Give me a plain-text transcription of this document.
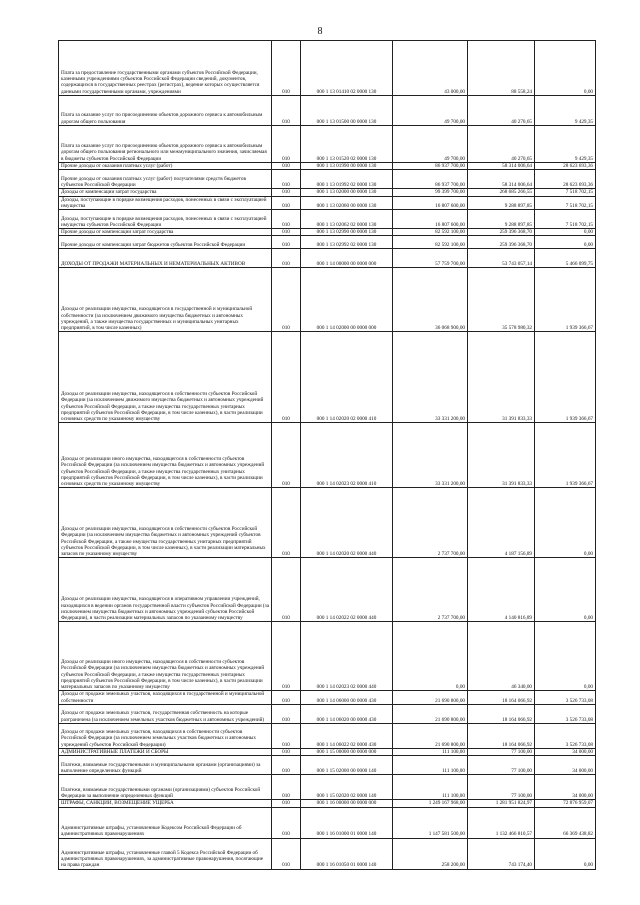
8
Плата за предоставление государственными органами субъектов Российской Федерации, казенными учреждениями субъектов Российской Федерации сведений, документов, содержащихся в государственных реестрах (регистрах), ведение которых осуществляется данными государственными органами, учреждениями	010	000 1 13 01410 02 0000 130	43 000,00	88 558,24	0,00
Плата за оказание услуг по присоединению объектов дорожного сервиса к автомобильным дорогам общего пользования	010	000 1 13 01500 00 0000 130	49 700,00	40 270,65	9 429,35
Плата за оказание услуг по присоединению объектов дорожного сервиса к автомобильным дорогам общего пользования регионального или межмуниципального значения, зачисляемая в бюджеты субъектов Российской Федерации	010	000 1 13 01520 02 0000 130	49 700,00	40 270,65	9 429,35
Прочие доходы от оказания платных услуг (работ)	010	000 1 13 01990 00 0000 130	86 937 700,00	58 314 006,64	28 623 693,36
Прочие доходы от оказания платных услуг (работ) получателями средств бюджетов субъектов Российской Федерации	010	000 1 13 01992 02 0000 130	86 937 700,00	58 314 006,64	28 623 693,36
Доходы от компенсации затрат государства	010	000 1 13 02000 00 0000 130	99 399 700,00	268 685 266,55	7 518 702,15
Доходы, поступающие в порядке возмещения расходов, понесенных в связи с эксплуатацией имущества	010	000 1 13 02060 00 0000 130	16 807 600,00	9 288 897,85	7 518 702,15
Доходы, поступающие в порядке возмещения расходов, понесенных в связи с эксплуатацией имущества субъектов Российской Федерации	010	000 1 13 02062 02 0000 130	16 807 600,00	9 288 897,85	7 518 702,15
Прочие доходы от компенсации затрат государства	010	000 1 13 02990 00 0000 130	82 592 100,00	259 396 368,70	0,00
Прочие доходы от компенсации затрат бюджетов субъектов Российской Федерации	010	000 1 13 02992 02 0000 130	82 592 100,00	259 396 368,70	0,00
ДОХОДЫ ОТ ПРОДАЖИ МАТЕРИАЛЬНЫХ И НЕМАТЕРИАЛЬНЫХ АКТИВОВ	010	000 1 14 00000 00 0000 000	57 759 700,00	53 743 057,14	5 466 099,75
Доходы от реализации имущества, находящегося в государственной и муниципальной собственности (за исключением движимого имущества бюджетных и автономных учреждений, а также имущества государственных и муниципальных унитарных предприятий, в том числе казенных)	010	000 1 14 02000 00 0000 000	36 068 900,00	35 578 980,32	1 939 366,67
Доходы от реализации имущества, находящегося в собственности субъектов Российской Федерации (за исключением движимого имущества бюджетных и автономных учреждений субъектов Российской Федерации, а также имущества государственных унитарных предприятий субъектов Российской Федерации, в том числе казенных), в части реализации основных средств по указанному имуществу	010	000 1 14 02020 02 0000 410	33 331 200,00	31 391 833,33	1 939 366,67
Доходы от реализации иного имущества, находящегося в собственности субъектов Российской Федерации (за исключением имущества бюджетных и автономных учреждений субъектов Российской Федерации, а также имущества государственных унитарных предприятий субъектов Российской Федерации, в том числе казенных), в части реализации основных средств по указанному имуществу	010	000 1 14 02023 02 0000 410	33 331 200,00	31 391 833,33	1 939 366,67
Доходы от реализации имущества, находящегося в собственности субъектов Российской Федерации (за исключением имущества бюджетных и автономных учреждений субъектов Российской Федерации, а также имущества государственных унитарных предприятий субъектов Российской Федерации, в том числе казенных), в части реализации материальных запасов по указанному имуществу	010	000 1 14 02020 02 0000 440	2 737 700,00	4 187 156,89	0,00
Доходы от реализации имущества, находящегося в оперативном управлении учреждений, находящихся в ведении органов государственной власти субъектов Российской Федерации (за исключением имущества бюджетных и автономных учреждений субъектов Российской Федерации), в части реализации материальных запасов по указанному имуществу	010	000 1 14 02022 02 0000 440	2 737 700,00	4 140 816,89	0,00
Доходы от реализации иного имущества, находящегося в собственности субъектов Российской Федерации (за исключением имущества бюджетных и автономных учреждений субъектов Российской Федерации, а также имущества государственных унитарных предприятий субъектов Российской Федерации, в том числе казенных), в части реализации материальных запасов по указанному имуществу	010	000 1 14 02023 02 0000 440	0,00	46 340,00	0,00
Доходы от продажи земельных участков, находящихся в государственной и муниципальной собственности	010	000 1 14 06000 00 0000 430	21 690 800,00	18 164 066,92	3 526 733,08
Доходы от продажи земельных участков, государственная собственность на которые разграничена (за исключением земельных участков бюджетных и автономных учреждений)	010	000 1 14 06020 00 0000 430	21 690 800,00	18 164 066,92	3 526 733,08
Доходы от продажи земельных участков, находящихся в собственности субъектов Российской Федерации (за исключением земельных участков бюджетных и автономных учреждений субъектов Российской Федерации)	010	000 1 14 06022 02 0000 430	21 690 800,00	18 164 066,92	3 526 733,08
АДМИНИСТРАТИВНЫЕ ПЛАТЕЖИ И СБОРЫ	010	000 1 15 00000 00 0000 000	111 100,00	77 100,00	34 000,00
Платежи, взимаемые государственными и муниципальными органами (организациями) за выполнение определенных функций	010	000 1 15 02000 00 0000 140	111 100,00	77 100,00	34 000,00
Платежи, взимаемые государственными органами (организациями) субъектов Российской Федерации за выполнение определенных функций	010	000 1 15 02020 02 0000 140	111 100,00	77 100,00	34 000,00
ШТРАФЫ, САНКЦИИ, ВОЗМЕЩЕНИЕ УЩЕРБА	010	000 1 16 00000 00 0000 000	1 249 167 968,00	1 281 951 824,97	72 876 959,07
Административные штрафы, установленные Кодексом Российской Федерации об административных правонарушениях	010	000 1 16 01000 01 0000 140	1 147 581 500,00	1 132 466 810,57	66 369 438,82
Административные штрафы, установленные главой 5 Кодекса Российской Федерации об административных правонарушениях, за административные правонарушения, посягающие на права граждан	010	000 1 16 01050 01 0000 140	258 200,00	743 174,40	0,00
